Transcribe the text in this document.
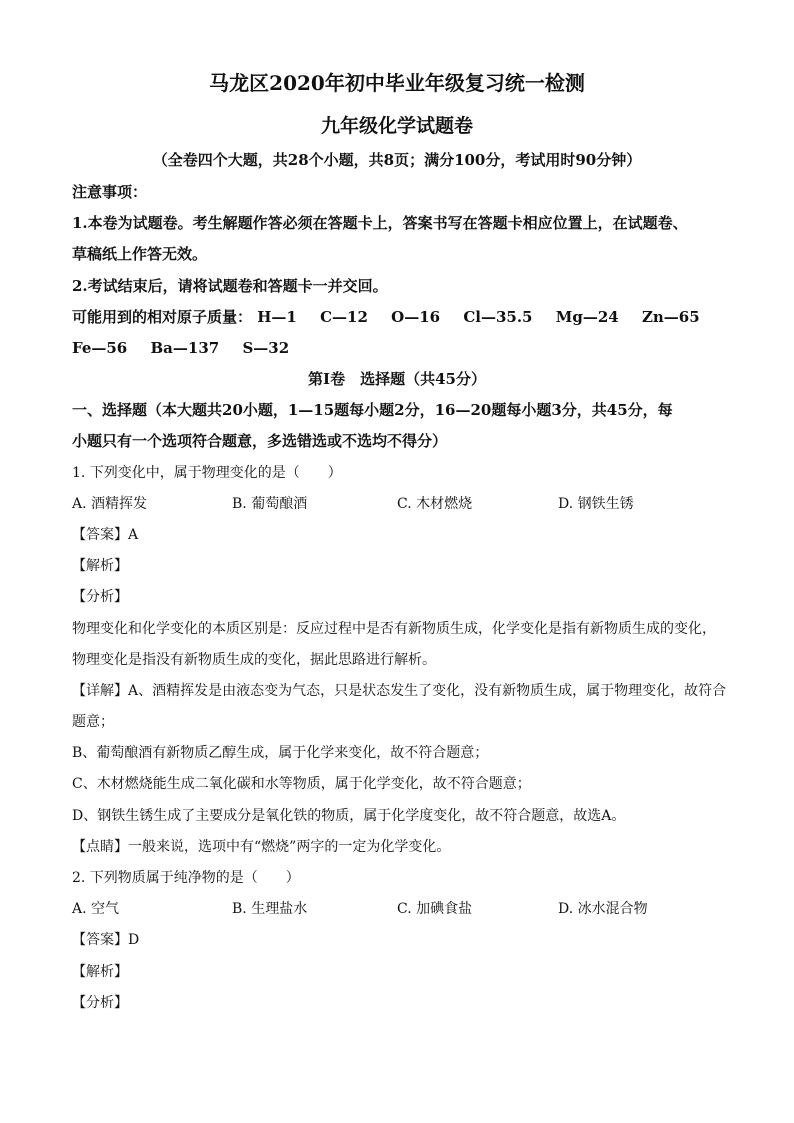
马龙区2020年初中毕业年级复习统一检测
九年级化学试题卷
（全卷四个大题，共28个小题，共8页；满分100分，考试用时90分钟）
注意事项：
1.本卷为试题卷。考生解题作答必须在答题卡上，答案书写在答题卡相应位置上，在试题卷、
草稿纸上作答无效。
2.考试结束后，请将试题卷和答题卡一并交回。
可能用到的相对原子质量： H—1 C—12 O—16 Cl—35.5 Mg—24 Zn—65
Fe—56 Ba—137 S—32
第Ⅰ卷　选择题（共45分）
一、选择题（本大题共20小题，1—15题每小题2分，16—20题每小题3分，共45分，每
小题只有一个选项符合题意，多选错选或不选均不得分）
1. 下列变化中，属于物理变化的是（　　）
A. 酒精挥发	B. 葡萄酿酒	C. 木材燃烧	D. 钢铁生锈
【答案】A
【解析】
【分析】
物理变化和化学变化的本质区别是：反应过程中是否有新物质生成，化学变化是指有新物质生成的变化，
物理变化是指没有新物质生成的变化，据此思路进行解析。
【详解】A、酒精挥发是由液态变为气态，只是状态发生了变化，没有新物质生成，属于物理变化，故符合
题意；
B、葡萄酿酒有新物质乙醇生成，属于化学来变化，故不符合题意；
C、木材燃烧能生成二氧化碳和水等物质，属于化学变化，故不符合题意；
D、钢铁生锈生成了主要成分是氧化铁的物质，属于化学度变化，故不符合题意，故选A。
【点睛】一般来说，选项中有“燃烧”两字的一定为化学变化。
2. 下列物质属于纯净物的是（　　）
A. 空气	B. 生理盐水	C. 加碘食盐	D. 冰水混合物
【答案】D
【解析】
【分析】
